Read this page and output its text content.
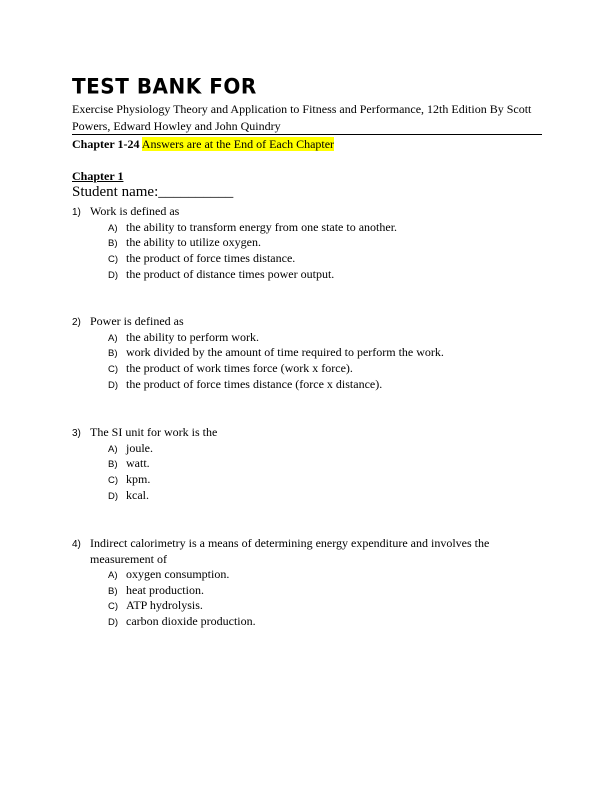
TEST BANK FOR
Exercise Physiology Theory and Application to Fitness and Performance, 12th Edition By Scott Powers, Edward Howley and John Quindry
Chapter 1-24 Answers are at the End of Each Chapter
Chapter 1
Student name:__________
1) Work is defined as
A) the ability to transform energy from one state to another.
B) the ability to utilize oxygen.
C) the product of force times distance.
D) the product of distance times power output.
2) Power is defined as
A) the ability to perform work.
B) work divided by the amount of time required to perform the work.
C) the product of work times force (work x force).
D) the product of force times distance (force x distance).
3) The SI unit for work is the
A) joule.
B) watt.
C) kpm.
D) kcal.
4) Indirect calorimetry is a means of determining energy expenditure and involves the measurement of
A) oxygen consumption.
B) heat production.
C) ATP hydrolysis.
D) carbon dioxide production.
